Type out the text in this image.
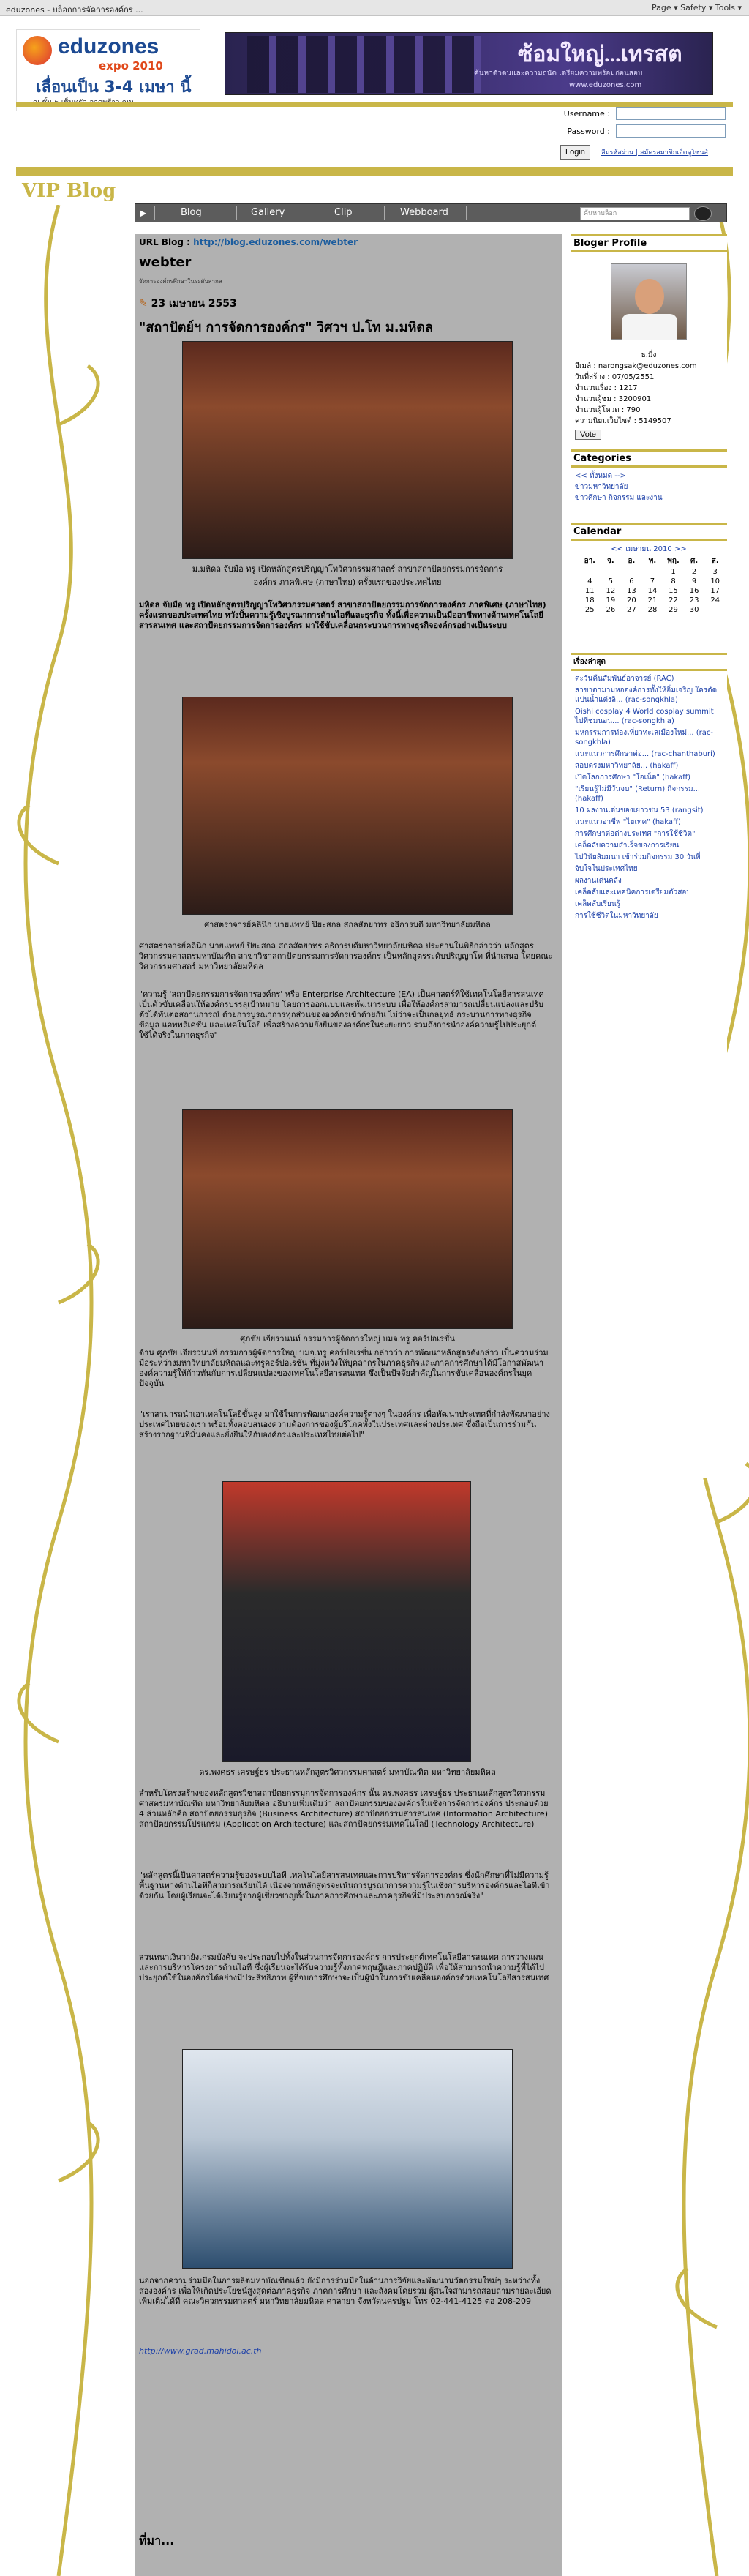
eduzones - บล็อกการจัดการองค์กร ...	Page ▾ Safety ▾ Tools ▾
eduzones
expo 2010
เลื่อนเป็น 3-4 เมษา นี้
ซ้อมใหญ่...เทรสต
ค้นหาตัวตนและความถนัด เตรียมความพร้อมก่อนสอบ
www.eduzones.com
Username :
Password :
Login	ลืมรหัสผ่าน | สมัครสมาชิกเอ็ดดูโซนส์
VIP Blog
▶	Blog	Gallery	Clip	Webboard	ค้นหาบล็อก
URL Blog : http://blog.eduzones.com/webter
webter
จัดการองค์กรศึกษาในระดับสากล
✎ 23 เมษายน 2553
"สถาปัตย์ฯ การจัดการองค์กร" วิศวฯ ป.โท ม.มหิดล
ม.มหิดล จับมือ ทรู เปิดหลักสูตรปริญญาโทวิศวกรรมศาสตร์ สาขาสถาปัตยกรรมการจัดการองค์กร ภาคพิเศษ (ภาษาไทย) ครั้งแรกของประเทศไทย
มหิดล จับมือ ทรู เปิดหลักสูตรปริญญาโทวิศวกรรมศาสตร์ สาขาสถาปัตยกรรมการจัดการองค์กร ภาคพิเศษ (ภาษาไทย) ครั้งแรกของประเทศไทย หวังปั้นความรู้เชิงบูรณาการด้านไอทีและธุรกิจ ทั้งนี้เพื่อความเป็นมืออาชีพทางด้านเทคโนโลยีสารสนเทศ และสถาปัตยกรรมการจัดการองค์กร มาใช้ขับเคลื่อนกระบวนการทางธุรกิจองค์กรอย่างเป็นระบบ
ศาสตราจารย์คลินิก นายแพทย์ ปิยะสกล สกลสัตยาทร อธิการบดี มหาวิทยาลัยมหิดล
ศาสตราจารย์คลินิก นายแพทย์ ปิยะสกล สกลสัตยาทร อธิการบดีมหาวิทยาลัยมหิดล ประธานในพิธีกล่าวว่า หลักสูตรวิศวกรรมศาสตรมหาบัณฑิต สาขาวิชาสถาปัตยกรรมการจัดการองค์กร เป็นหลักสูตรระดับปริญญาโท ที่นำเสนอ โดยคณะวิศวกรรมศาสตร์ มหาวิทยาลัยมหิดล
"ความรู้ 'สถาปัตยกรรมการจัดการองค์กร' หรือ Enterprise Architecture (EA) เป็นศาสตร์ที่ใช้เทคโนโลยีสารสนเทศเป็นตัวขับเคลื่อนให้องค์กรบรรลุเป้าหมาย โดยการออกแบบและพัฒนาระบบ เพื่อให้องค์กรสามารถเปลี่ยนแปลงและปรับตัวได้ทันต่อสถานการณ์ ด้วยการบูรณาการทุกส่วนขององค์กรเข้าด้วยกัน ไม่ว่าจะเป็นกลยุทธ์ กระบวนการทางธุรกิจ ข้อมูล แอพพลิเคชั่น และเทคโนโลยี เพื่อสร้างความยั่งยืนขององค์กรในระยะยาว รวมถึงการนำองค์ความรู้ไปประยุกต์ใช้ได้จริงในภาคธุรกิจ"
ศุภชัย เจียรวนนท์ กรรมการผู้จัดการใหญ่ บมจ.ทรู คอร์ปอเรชั่น
ด้าน ศุภชัย เจียรวนนท์ กรรมการผู้จัดการใหญ่ บมจ.ทรู คอร์ปอเรชั่น กล่าวว่า การพัฒนาหลักสูตรดังกล่าว เป็นความร่วมมือระหว่างมหาวิทยาลัยมหิดลและทรูคอร์ปอเรชั่น ที่มุ่งหวังให้บุคลากรในภาคธุรกิจและภาคการศึกษาได้มีโอกาสพัฒนาองค์ความรู้ให้ก้าวทันกับการเปลี่ยนแปลงของเทคโนโลยีสารสนเทศ ซึ่งเป็นปัจจัยสำคัญในการขับเคลื่อนองค์กรในยุคปัจจุบัน
"เราสามารถนำเอาเทคโนโลยีขั้นสูง มาใช้ในการพัฒนาองค์ความรู้ต่างๆ ในองค์กร เพื่อพัฒนาประเทศที่กำลังพัฒนาอย่างประเทศไทยของเรา พร้อมทั้งตอบสนองความต้องการของผู้บริโภคทั้งในประเทศและต่างประเทศ ซึ่งถือเป็นการร่วมกันสร้างรากฐานที่มั่นคงและยั่งยืนให้กับองค์กรและประเทศไทยต่อไป"
ดร.พงศธร เศรษฐ์ธร ประธานหลักสูตรวิศวกรรมศาสตร์ มหาบัณฑิต มหาวิทยาลัยมหิดล
สำหรับโครงสร้างของหลักสูตรวิชาสถาปัตยกรรมการจัดการองค์กร นั้น ดร.พงศธร เศรษฐ์ธร ประธานหลักสูตรวิศวกรรมศาสตรมหาบัณฑิต มหาวิทยาลัยมหิดล อธิบายเพิ่มเติมว่า สถาปัตยกรรมขององค์กรในเชิงการจัดการองค์กร ประกอบด้วย 4 ส่วนหลักคือ สถาปัตยกรรมธุรกิจ (Business Architecture) สถาปัตยกรรมสารสนเทศ (Information Architecture) สถาปัตยกรรมโปรแกรม (Application Architecture) และสถาปัตยกรรมเทคโนโลยี (Technology Architecture)
"หลักสูตรนี้เป็นศาสตร์ความรู้ของระบบไอที เทคโนโลยีสารสนเทศและการบริหารจัดการองค์กร ซึ่งนักศึกษาที่ไม่มีความรู้พื้นฐานทางด้านไอทีก็สามารถเรียนได้ เนื่องจากหลักสูตรจะเน้นการบูรณาการความรู้ในเชิงการบริหารองค์กรและไอทีเข้าด้วยกัน โดยผู้เรียนจะได้เรียนรู้จากผู้เชี่ยวชาญทั้งในภาคการศึกษาและภาคธุรกิจที่มีประสบการณ์จริง"
ส่วนหนาเงินวายังเกรมบังคับ จะประกอบไปทั้งในส่วนการจัดการองค์กร การประยุกต์เทคโนโลยีสารสนเทศ การวางแผนและการบริหารโครงการด้านไอที ซึ่งผู้เรียนจะได้รับความรู้ทั้งภาคทฤษฎีและภาคปฏิบัติ เพื่อให้สามารถนำความรู้ที่ได้ไปประยุกต์ใช้ในองค์กรได้อย่างมีประสิทธิภาพ ผู้ที่จบการศึกษาจะเป็นผู้นำในการขับเคลื่อนองค์กรด้วยเทคโนโลยีสารสนเทศ
นอกจากความร่วมมือในการผลิตมหาบัณฑิตแล้ว ยังมีการร่วมมือในด้านการวิจัยและพัฒนานวัตกรรมใหม่ๆ ระหว่างทั้งสององค์กร เพื่อให้เกิดประโยชน์สูงสุดต่อภาคธุรกิจ ภาคการศึกษา และสังคมโดยรวม ผู้สนใจสามารถสอบถามรายละเอียดเพิ่มเติมได้ที่ คณะวิศวกรรมศาสตร์ มหาวิทยาลัยมหิดล ศาลายา จังหวัดนครปฐม โทร 02-441-4125 ต่อ 208-209
http://www.grad.mahidol.ac.th
Bloger Profile
ธ.มิ่ง
อีเมล์ : narongsak@eduzones.com
วันที่สร้าง : 07/05/2551
จำนวนเรื่อง : 1217
จำนวนผู้ชม : 3200901
จำนวนผู้โหวต : 790
ความนิยมเว็บไซต์ : 5149507
Vote
Categories
<< ทั้งหมด -->
ข่าวมหาวิทยาลัย
ข่าวศึกษา กิจกรรม และงาน
Calendar
<< เมษายน 2010 >>
อา.	จ.	อ.	พ.	พฤ.	ศ.	ส.
				1	2	3
4	5	6	7	8	9	10
11	12	13	14	15	16	17
18	19	20	21	22	23	24
25	26	27	28	29	30	
เรื่องล่าสุด
ตะวันคืนสัมพันธ์อาจารย์ (RAC)
สาขาตามามหอองค์การทั้งให้อิ่มเจริญ ใครตัดแปนน้ำแต่งลิ... (rac-songkhla)
Oishi cosplay 4 World cosplay summit ไปที่ชมนอน... (rac-songkhla)
มหกรรมการท่องเที่ยวทะเลเมืองใหม่... (rac-songkhla)
แนะแนวการศึกษาต่อ... (rac-chanthaburi)
สอบตรงมหาวิทยาลัย... (hakaff)
เปิดโลกการศึกษา "โอเน็ต" (hakaff)
"เรียนรู้ไม่มีวันจบ" (Return) กิจกรรม... (hakaff)
10 ผลงานเด่นของเยาวชน 53 (rangsit)
แนะแนวอาชีพ "ไฮเทค" (hakaff)
การศึกษาต่อต่างประเทศ "การใช้ชีวิต"
เคล็ดลับความสำเร็จของการเรียน
ไปวินัยสัมมนา เข้าร่วมกิจกรรม 30 วันที่
จับใจในประเทศไทย
ผลงานเด่นคลัง
เคล็ดลับและเทคนิคการเตรียมตัวสอบ
เคล็ดลับเรียนรู้
การใช้ชีวิตในมหาวิทยาลัย
ที่มา...
